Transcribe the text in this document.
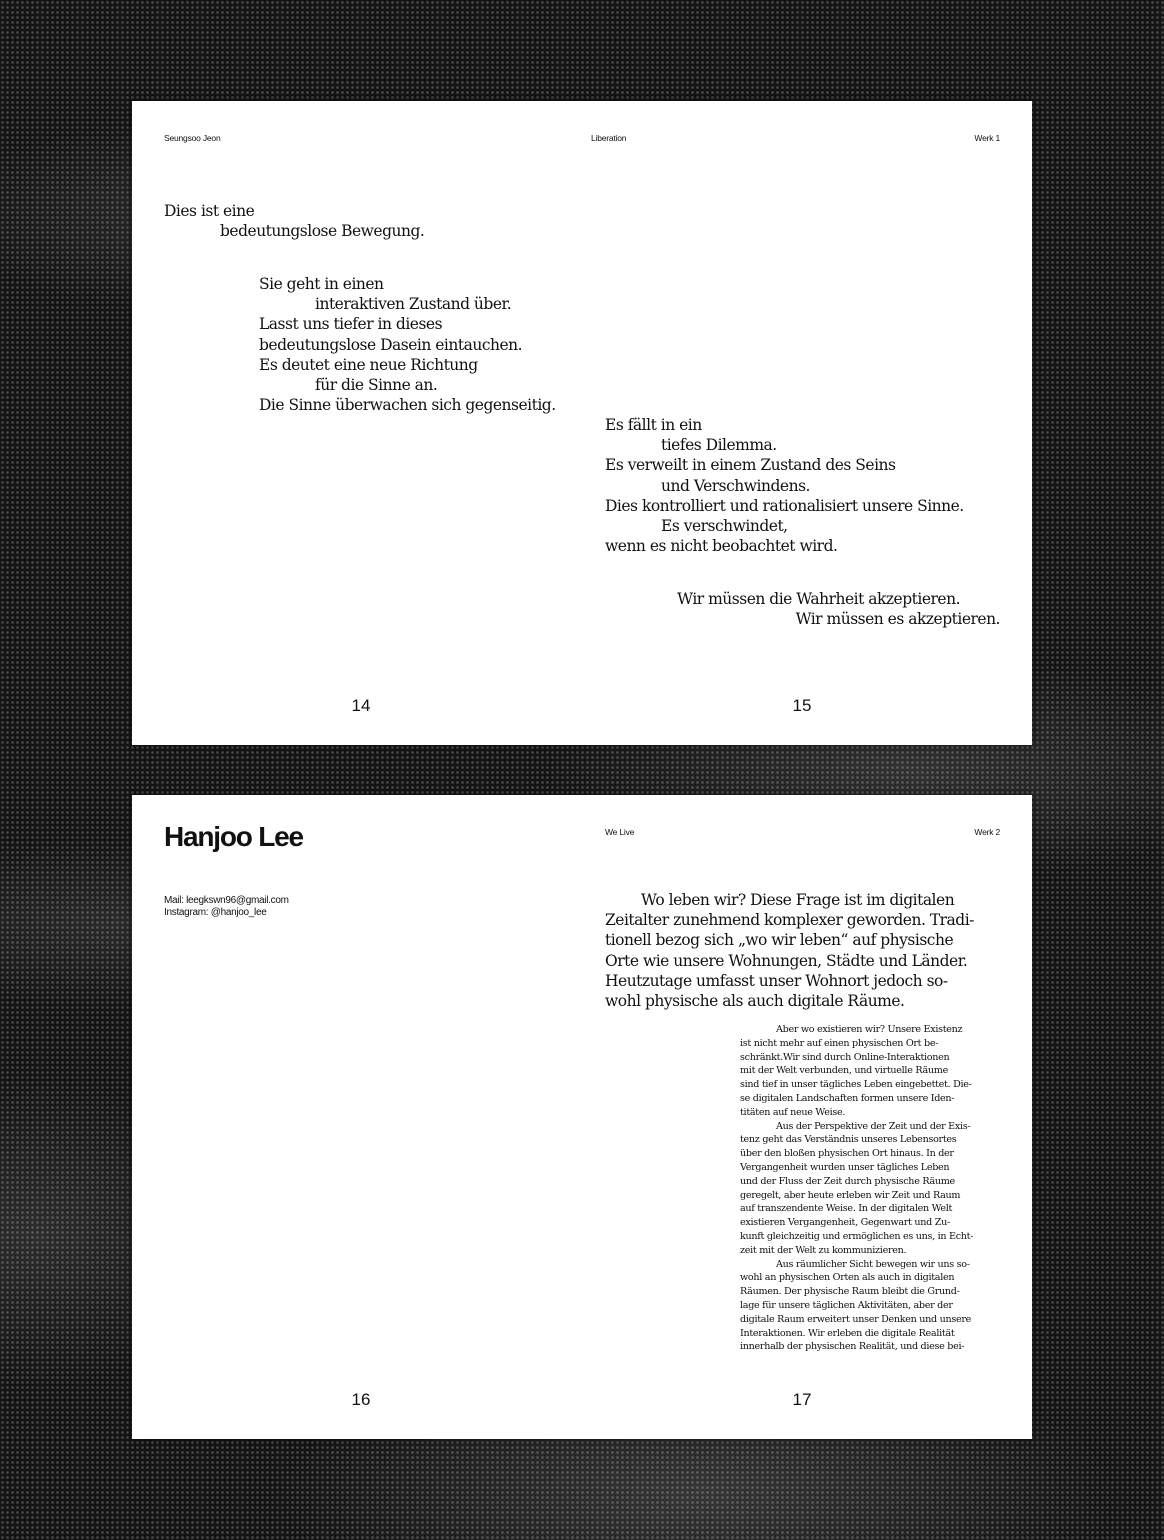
Seungsoo Jeon	Liberation	Werk 1
Dies ist eine
bedeutungslose Bewegung.
Sie geht in einen
interaktiven Zustand über.
Lasst uns tiefer in dieses
bedeutungslose Dasein eintauchen.
Es deutet eine neue Richtung
für die Sinne an.
Die Sinne überwachen sich gegenseitig.
Es fällt in ein
tiefes Dilemma.
Es verweilt in einem Zustand des Seins
und Verschwindens.
Dies kontrolliert und rationalisiert unsere Sinne.
Es verschwindet,
wenn es nicht beobachtet wird.
Wir müssen die Wahrheit akzeptieren.
Wir müssen es akzeptieren.
14	15
Hanjoo Lee	We Live	Werk 2
Mail: leegkswn96@gmail.com
Instagram: @hanjoo_lee
Wo leben wir? Diese Frage ist im digitalen
Zeitalter zunehmend komplexer geworden. Tradi-
tionell bezog sich „wo wir leben“ auf physische
Orte wie unsere Wohnungen, Städte und Länder.
Heutzutage umfasst unser Wohnort jedoch so-
wohl physische als auch digitale Räume.
Aber wo existieren wir? Unsere Existenz
ist nicht mehr auf einen physischen Ort be-
schränkt.Wir sind durch Online-Interaktionen
mit der Welt verbunden, und virtuelle Räume
sind tief in unser tägliches Leben eingebettet. Die-
se digitalen Landschaften formen unsere Iden-
titäten auf neue Weise.
Aus der Perspektive der Zeit und der Exis-
tenz geht das Verständnis unseres Lebensortes
über den bloßen physischen Ort hinaus. In der
Vergangenheit wurden unser tägliches Leben
und der Fluss der Zeit durch physische Räume
geregelt, aber heute erleben wir Zeit und Raum
auf transzendente Weise. In der digitalen Welt
existieren Vergangenheit, Gegenwart und Zu-
kunft gleichzeitig und ermöglichen es uns, in Echt-
zeit mit der Welt zu kommunizieren.
Aus räumlicher Sicht bewegen wir uns so-
wohl an physischen Orten als auch in digitalen
Räumen. Der physische Raum bleibt die Grund-
lage für unsere täglichen Aktivitäten, aber der
digitale Raum erweitert unser Denken und unsere
Interaktionen. Wir erleben die digitale Realität
innerhalb der physischen Realität, und diese bei-
16	17
